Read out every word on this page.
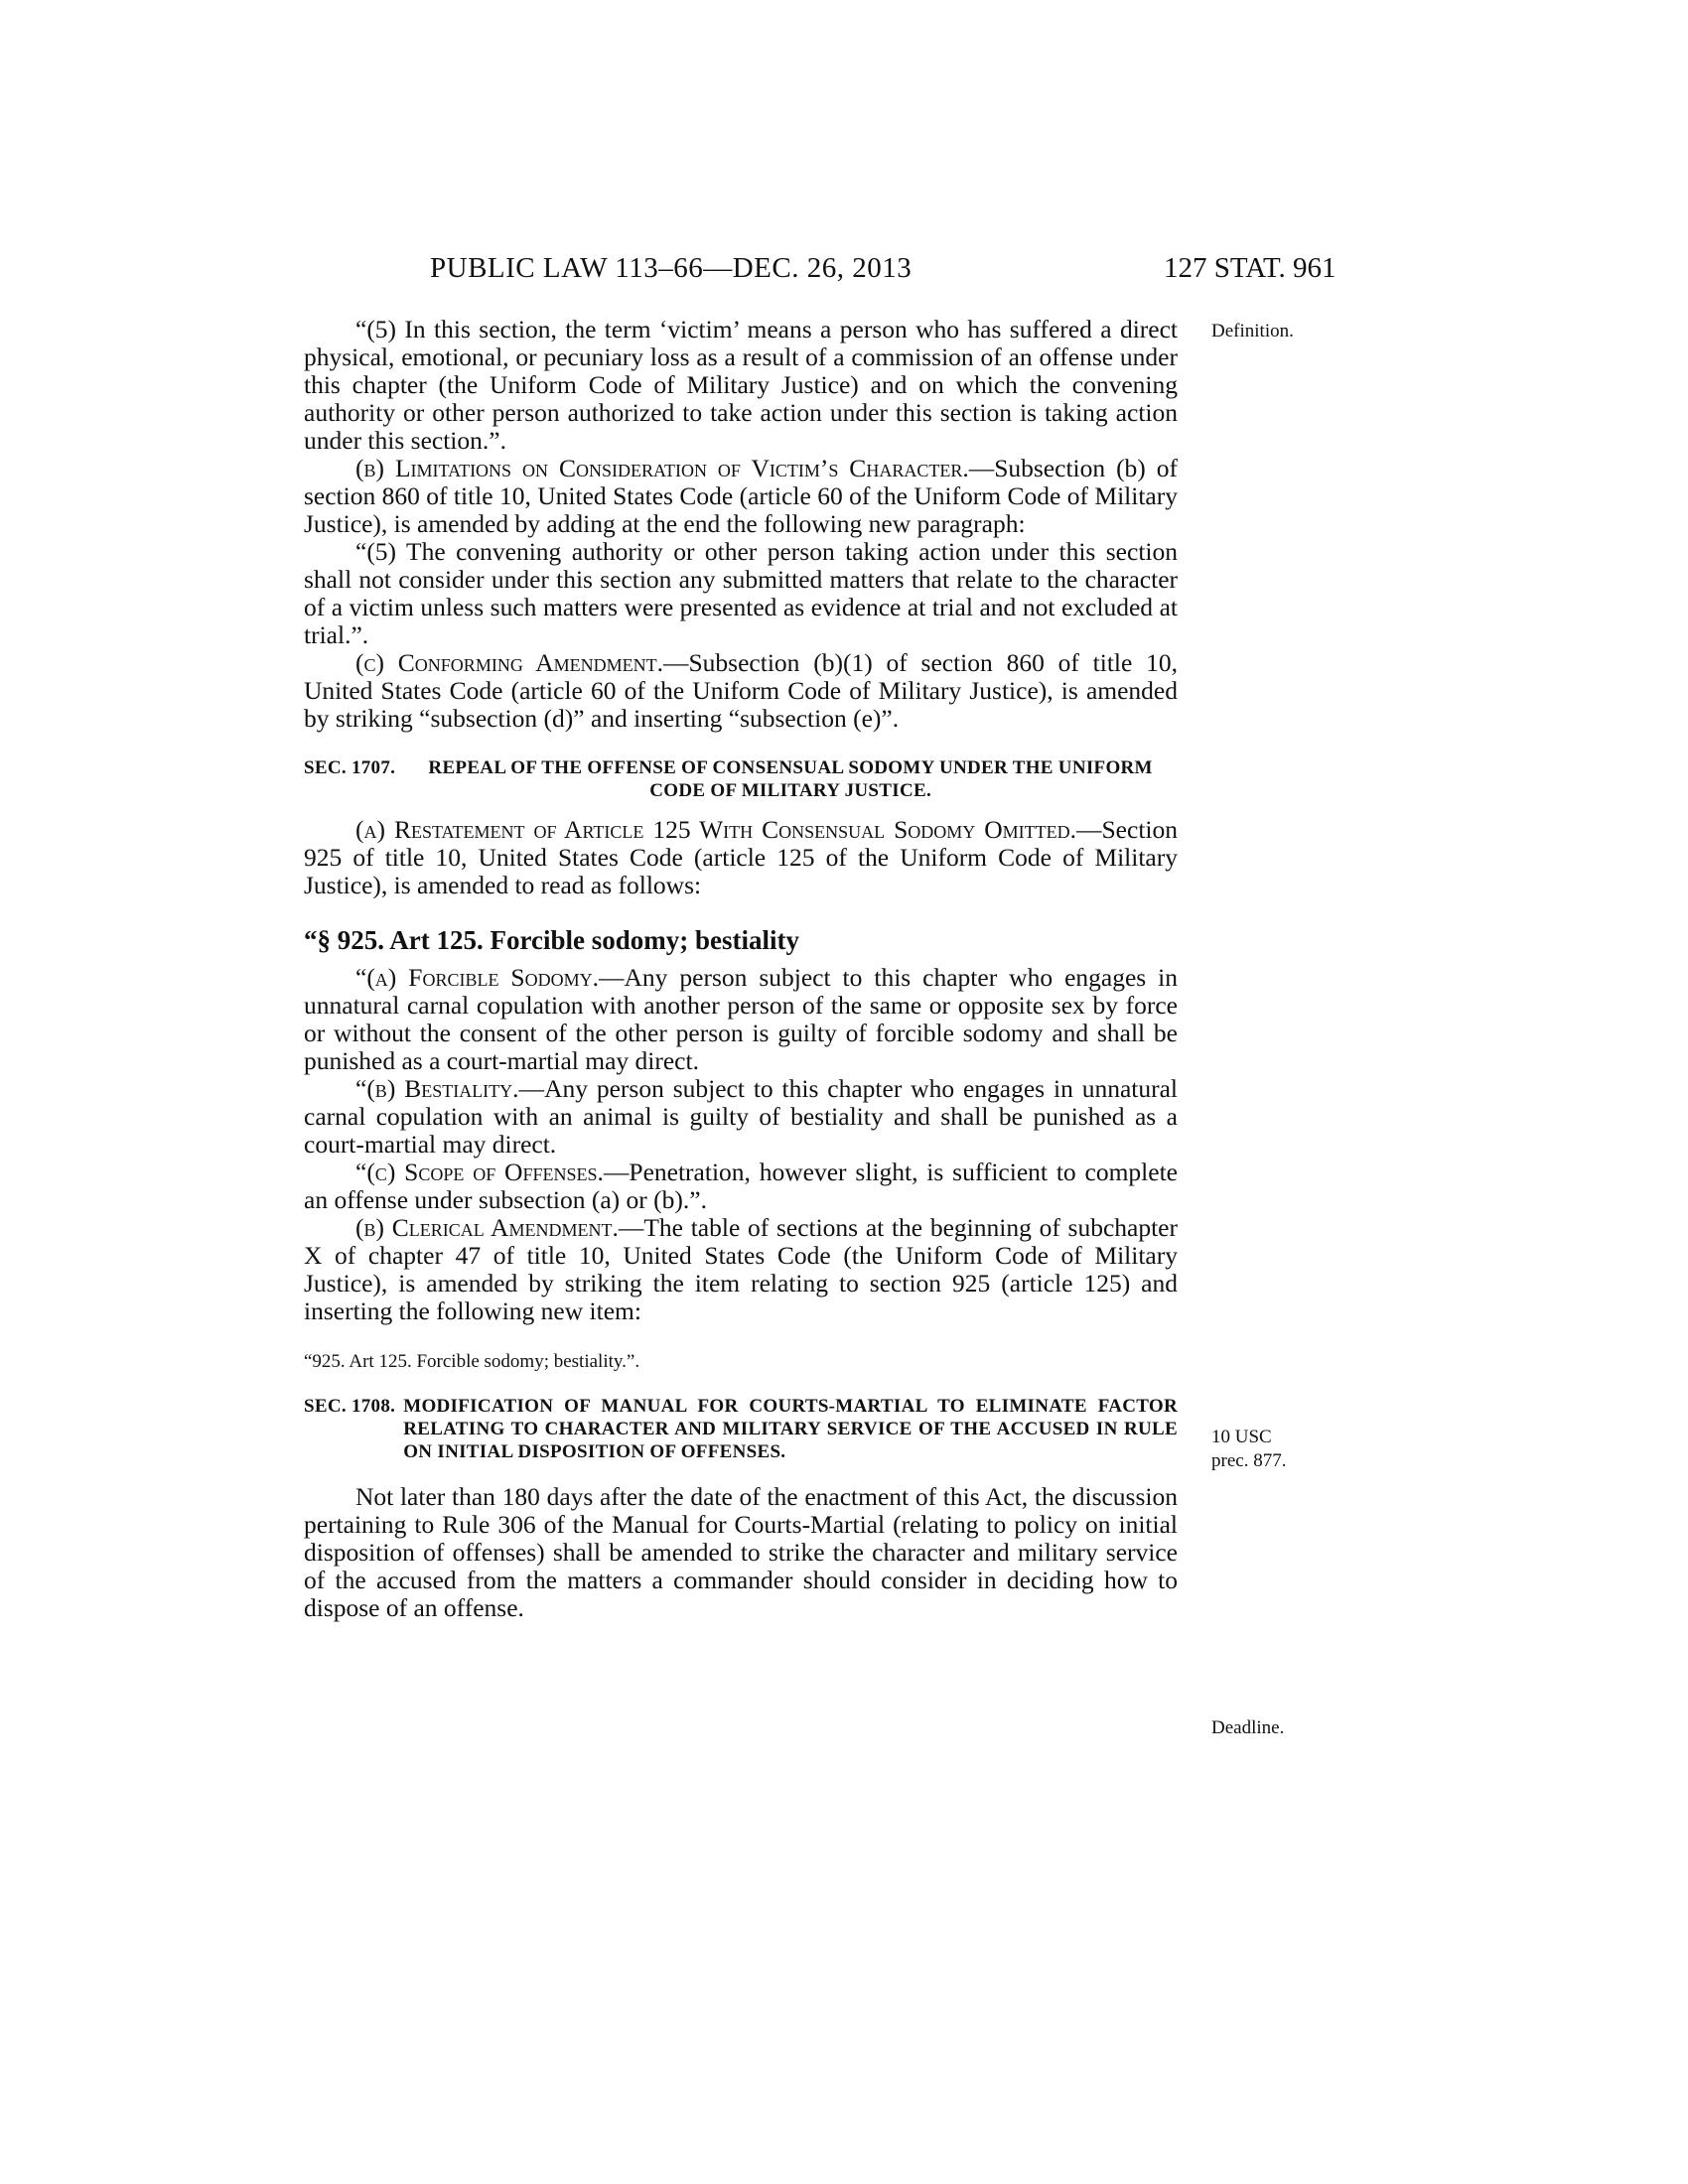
PUBLIC LAW 113–66—DEC. 26, 2013	127 STAT. 961
Definition.
10 USC
prec. 877.
Deadline.

“(5) In this section, the term ‘victim’ means a person who has suffered a direct physical, emotional, or pecuniary loss as a result of a commission of an offense under this chapter (the Uniform Code of Military Justice) and on which the convening authority or other person authorized to take action under this section is taking action under this section.”.

(b) Limitations on Consideration of Victim’s Character.—Subsection (b) of section 860 of title 10, United States Code (article 60 of the Uniform Code of Military Justice), is amended by adding at the end the following new paragraph:

“(5) The convening authority or other person taking action under this section shall not consider under this section any submitted matters that relate to the character of a victim unless such matters were presented as evidence at trial and not excluded at trial.”.

(c) Conforming Amendment.—Subsection (b)(1) of section 860 of title 10, United States Code (article 60 of the Uniform Code of Military Justice), is amended by striking “subsection (d)” and inserting “subsection (e)”.

SEC. 1707.	REPEAL OF THE OFFENSE OF CONSENSUAL SODOMY UNDER THE UNIFORM CODE OF MILITARY JUSTICE.

(a) Restatement of Article 125 With Consensual Sodomy Omitted.—Section 925 of title 10, United States Code (article 125 of the Uniform Code of Military Justice), is amended to read as follows:

“§ 925. Art 125. Forcible sodomy; bestiality

“(a) Forcible Sodomy.—Any person subject to this chapter who engages in unnatural carnal copulation with another person of the same or opposite sex by force or without the consent of the other person is guilty of forcible sodomy and shall be punished as a court-martial may direct.

“(b) Bestiality.—Any person subject to this chapter who engages in unnatural carnal copulation with an animal is guilty of bestiality and shall be punished as a court-martial may direct.

“(c) Scope of Offenses.—Penetration, however slight, is sufficient to complete an offense under subsection (a) or (b).”.

(b) Clerical Amendment.—The table of sections at the beginning of subchapter X of chapter 47 of title 10, United States Code (the Uniform Code of Military Justice), is amended by striking the item relating to section 925 (article 125) and inserting the following new item:

“925. Art 125. Forcible sodomy; bestiality.”.
SEC. 1708. MODIFICATION OF MANUAL FOR COURTS-MARTIAL TO ELIMINATE FACTOR RELATING TO CHARACTER AND MILITARY SERVICE OF THE ACCUSED IN RULE ON INITIAL DISPOSITION OF OFFENSES.

Not later than 180 days after the date of the enactment of this Act, the discussion pertaining to Rule 306 of the Manual for Courts-Martial (relating to policy on initial disposition of offenses) shall be amended to strike the character and military service of the accused from the matters a commander should consider in deciding how to dispose of an offense.
